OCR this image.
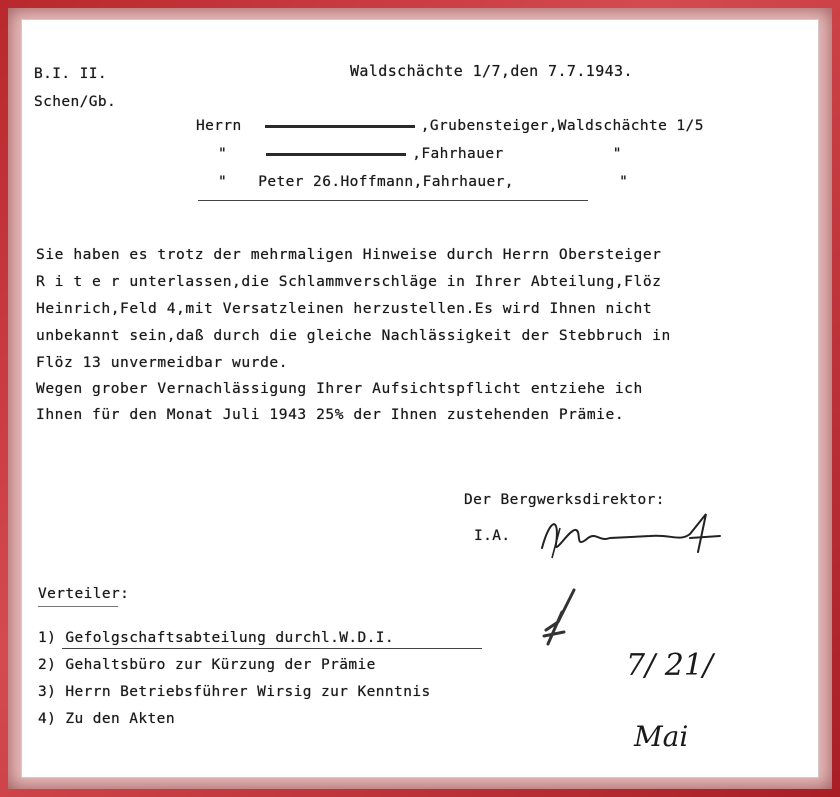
B.I. II.
Schen/Gb.
Waldschächte 1/7,den 7.7.1943.
Herrn	,Grubensteiger,Waldschächte 1/5
"	,Fahrhauer	"
" Peter 26.Hoffmann,Fahrhauer,	"
Sie haben es trotz der mehrmaligen Hinweise durch Herrn Obersteiger
R i t e r unterlassen,die Schlammverschläge in Ihrer Abteilung,Flöz
Heinrich,Feld 4,mit Versatzleinen herzustellen.Es wird Ihnen nicht
unbekannt sein,daß durch die gleiche Nachlässigkeit der Stebbruch in
Flöz 13 unvermeidbar wurde.
Wegen grober Vernachlässigung Ihrer Aufsichtspflicht entziehe ich
Ihnen für den Monat Juli 1943 25% der Ihnen zustehenden Prämie.
Der Bergwerksdirektor:
I.A.
Verteiler:
1) Gefolgschaftsabteilung durchl.W.D.I.
2) Gehaltsbüro zur Kürzung der Prämie
3) Herrn Betriebsführer Wirsig zur Kenntnis
4) Zu den Akten
7/ 21/
Mai
